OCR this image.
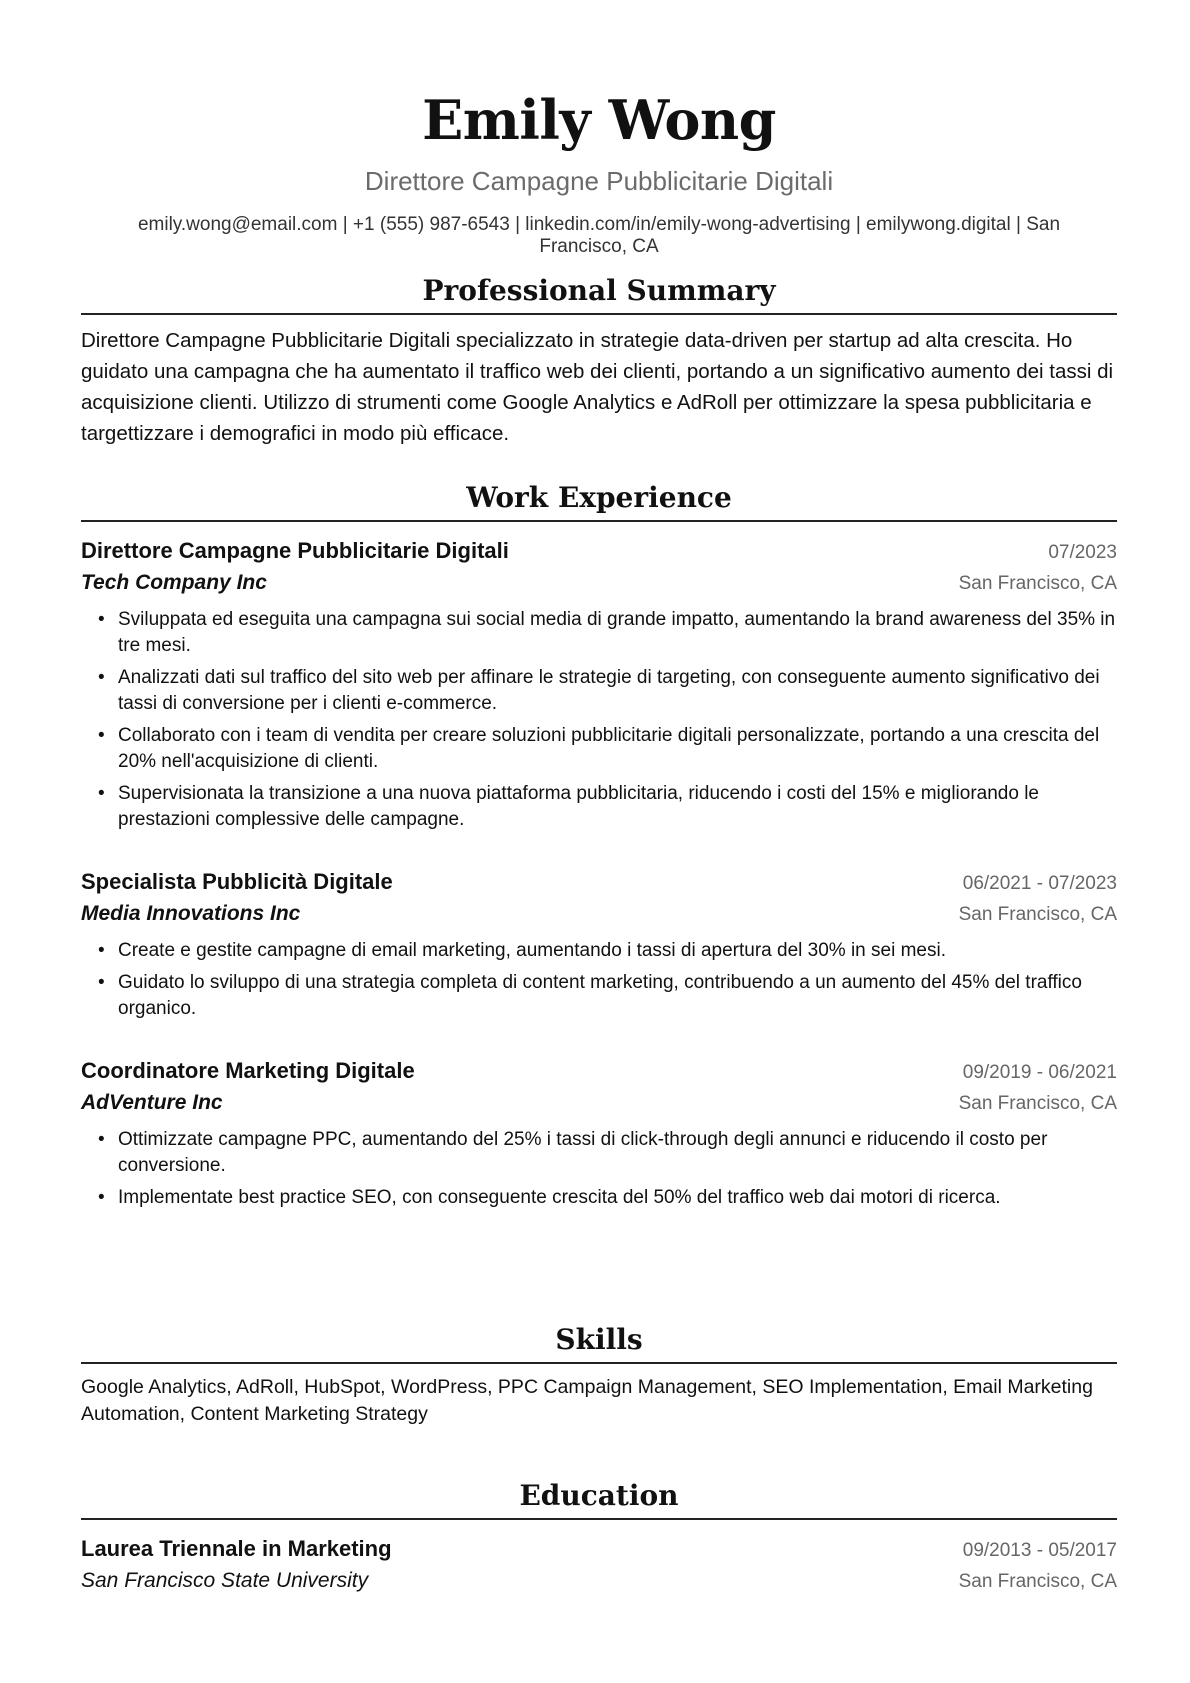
Emily Wong
Direttore Campagne Pubblicitarie Digitali
emily.wong@email.com | +1 (555) 987-6543 | linkedin.com/in/emily-wong-advertising | emilywong.digital | San Francisco, CA
Professional Summary
Direttore Campagne Pubblicitarie Digitali specializzato in strategie data-driven per startup ad alta crescita. Ho guidato una campagna che ha aumentato il traffico web dei clienti, portando a un significativo aumento dei tassi di acquisizione clienti. Utilizzo di strumenti come Google Analytics e AdRoll per ottimizzare la spesa pubblicitaria e targettizzare i demografici in modo più efficace.
Work Experience
Direttore Campagne Pubblicitarie Digitali	07/2023
Tech Company Inc	San Francisco, CA
• Sviluppata ed eseguita una campagna sui social media di grande impatto, aumentando la brand awareness del 35% in tre mesi.
• Analizzati dati sul traffico del sito web per affinare le strategie di targeting, con conseguente aumento significativo dei tassi di conversione per i clienti e-commerce.
• Collaborato con i team di vendita per creare soluzioni pubblicitarie digitali personalizzate, portando a una crescita del 20% nell'acquisizione di clienti.
• Supervisionata la transizione a una nuova piattaforma pubblicitaria, riducendo i costi del 15% e migliorando le prestazioni complessive delle campagne.
Specialista Pubblicità Digitale	06/2021 - 07/2023
Media Innovations Inc	San Francisco, CA
• Create e gestite campagne di email marketing, aumentando i tassi di apertura del 30% in sei mesi.
• Guidato lo sviluppo di una strategia completa di content marketing, contribuendo a un aumento del 45% del traffico organico.
Coordinatore Marketing Digitale	09/2019 - 06/2021
AdVenture Inc	San Francisco, CA
• Ottimizzate campagne PPC, aumentando del 25% i tassi di click-through degli annunci e riducendo il costo per conversione.
• Implementate best practice SEO, con conseguente crescita del 50% del traffico web dai motori di ricerca.
Skills
Google Analytics, AdRoll, HubSpot, WordPress, PPC Campaign Management, SEO Implementation, Email Marketing Automation, Content Marketing Strategy
Education
Laurea Triennale in Marketing	09/2013 - 05/2017
San Francisco State University	San Francisco, CA
